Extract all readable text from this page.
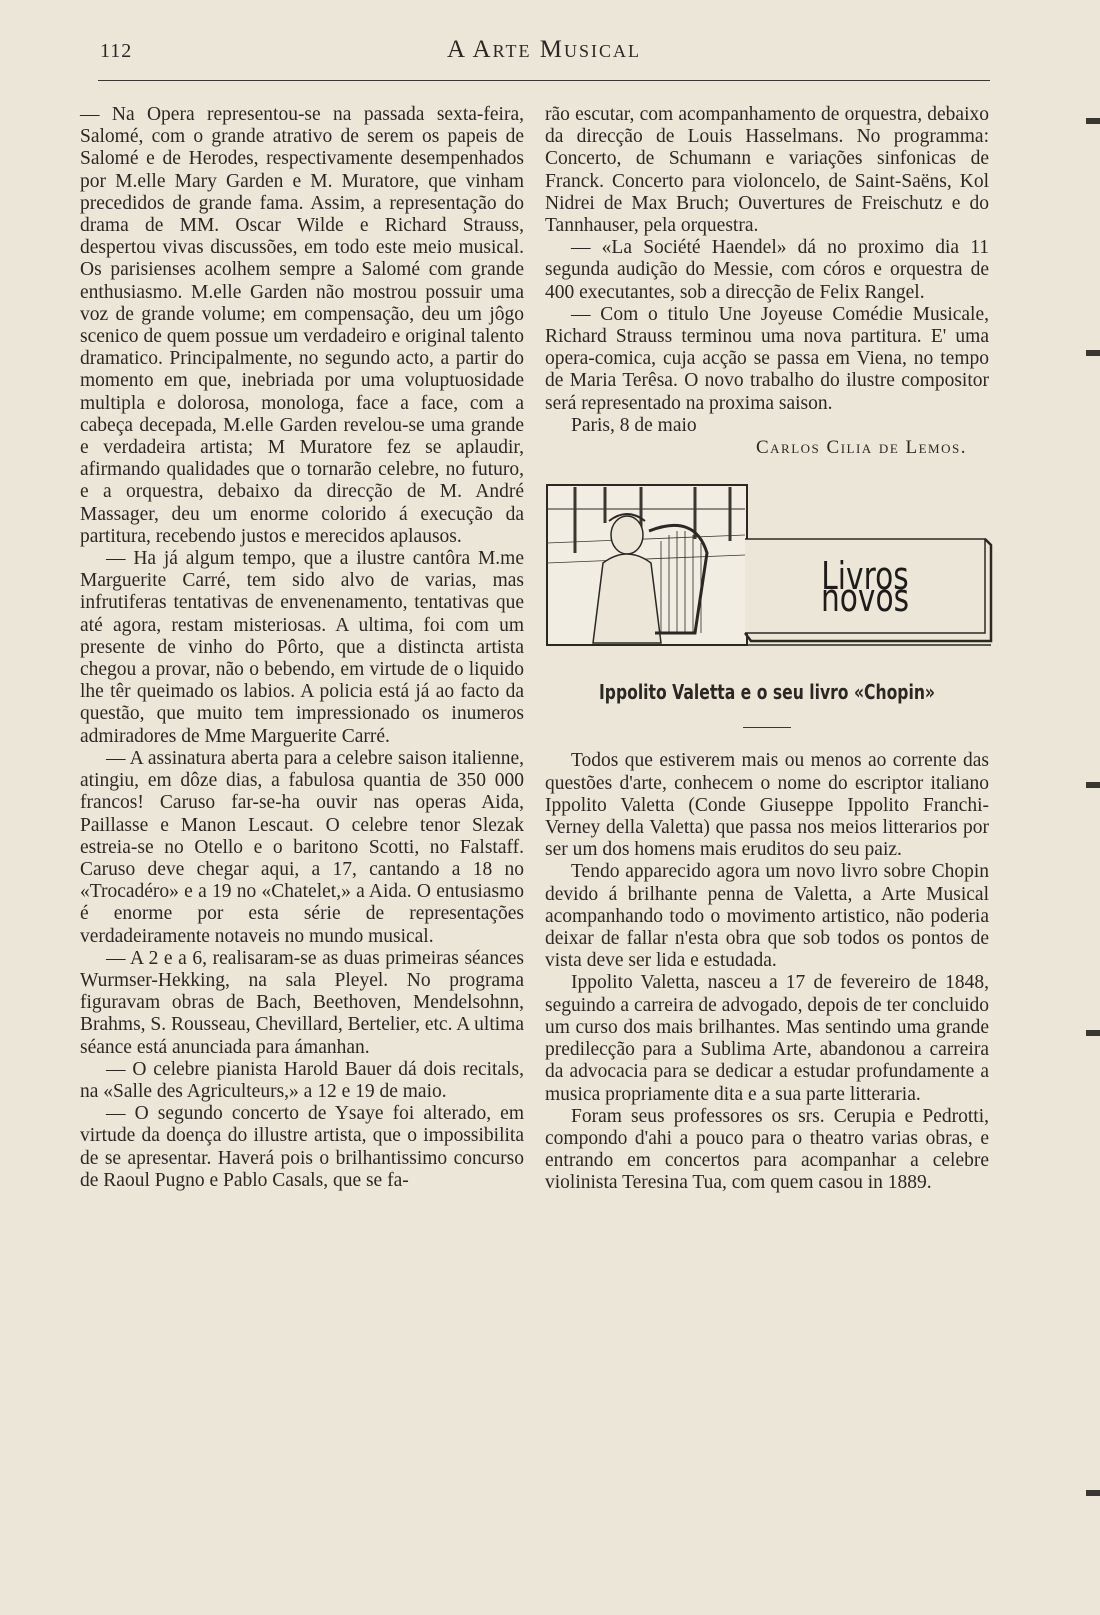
112	A Arte Musical

— Na Opera representou-se na passada sexta-feira, Salomé, com o grande atrativo de serem os papeis de Salomé e de Herodes, respectivamente desempenhados por M.elle Mary Garden e M. Muratore, que vinham precedidos de grande fama. Assim, a representação do drama de MM. Oscar Wilde e Richard Strauss, despertou vivas discussões, em todo este meio musical. Os parisienses acolhem sempre a Salomé com grande enthusiasmo. M.elle Garden não mostrou possuir uma voz de grande volume; em compensação, deu um jôgo scenico de quem possue um verdadeiro e original talento dramatico. Principalmente, no segundo acto, a partir do momento em que, inebriada por uma voluptuosidade multipla e dolorosa, monologa, face a face, com a cabeça decepada, M.elle Garden revelou-se uma grande e verdadeira artista; M Muratore fez se aplaudir, afirmando qualidades que o tornarão celebre, no futuro, e a orquestra, debaixo da direcção de M. André Massager, deu um enorme colorido á execução da partitura, recebendo justos e merecidos aplausos.

— Ha já algum tempo, que a ilustre cantôra M.me Marguerite Carré, tem sido alvo de varias, mas infrutiferas tentativas de envenenamento, tentativas que até agora, restam misteriosas. A ultima, foi com um presente de vinho do Pôrto, que a distincta artista chegou a provar, não o bebendo, em virtude de o liquido lhe têr queimado os labios. A policia está já ao facto da questão, que muito tem impressionado os inumeros admiradores de Mme Marguerite Carré.

— A assinatura aberta para a celebre saison italienne, atingiu, em dôze dias, a fabulosa quantia de 350 000 francos! Caruso far-se-ha ouvir nas operas Aida, Paillasse e Manon Lescaut. O celebre tenor Slezak estreia-se no Otello e o baritono Scotti, no Falstaff. Caruso deve chegar aqui, a 17, cantando a 18 no «Trocadéro» e a 19 no «Chatelet,» a Aida. O entusiasmo é enorme por esta série de representações verdadeiramente notaveis no mundo musical.

— A 2 e a 6, realisaram-se as duas primeiras séances Wurmser-Hekking, na sala Pleyel. No programa figuravam obras de Bach, Beethoven, Mendelsohnn, Brahms, S. Rousseau, Chevillard, Bertelier, etc. A ultima séance está anunciada para ámanhan.

— O celebre pianista Harold Bauer dá dois recitals, na «Salle des Agriculteurs,» a 12 e 19 de maio.

— O segundo concerto de Ysaye foi alterado, em virtude da doença do illustre artista, que o impossibilita de se apresentar. Haverá pois o brilhantissimo concurso de Raoul Pugno e Pablo Casals, que se fa-

rão escutar, com acompanhamento de orquestra, debaixo da direcção de Louis Hasselmans. No programma: Concerto, de Schumann e variações sinfonicas de Franck. Concerto para violoncelo, de Saint-Saëns, Kol Nidrei de Max Bruch; Ouvertures de Freischutz e do Tannhauser, pela orquestra.

— «La Société Haendel» dá no proximo dia 11 segunda audição do Messie, com córos e orquestra de 400 executantes, sob a direcção de Felix Rangel.

— Com o titulo Une Joyeuse Comédie Musicale, Richard Strauss terminou uma nova partitura. E' uma opera-comica, cuja acção se passa em Viena, no tempo de Maria Terêsa. O novo trabalho do ilustre compositor será representado na proxima saison.

Paris, 8 de maio

Carlos Cilia de Lemos.

Livros novos
Ippolito Valetta e o seu livro «Chopin»

Todos que estiverem mais ou menos ao corrente das questões d'arte, conhecem o nome do escriptor italiano Ippolito Valetta (Conde Giuseppe Ippolito Franchi-Verney della Valetta) que passa nos meios litterarios por ser um dos homens mais eruditos do seu paiz.

Tendo apparecido agora um novo livro sobre Chopin devido á brilhante penna de Valetta, a Arte Musical acompanhando todo o movimento artistico, não poderia deixar de fallar n'esta obra que sob todos os pontos de vista deve ser lida e estudada.

Ippolito Valetta, nasceu a 17 de fevereiro de 1848, seguindo a carreira de advogado, depois de ter concluido um curso dos mais brilhantes. Mas sentindo uma grande predilecção para a Sublima Arte, abandonou a carreira da advocacia para se dedicar a estudar profundamente a musica propriamente dita e a sua parte litteraria.

Foram seus professores os srs. Cerupia e Pedrotti, compondo d'ahi a pouco para o theatro varias obras, e entrando em concertos para acompanhar a celebre violinista Teresina Tua, com quem casou in 1889.
